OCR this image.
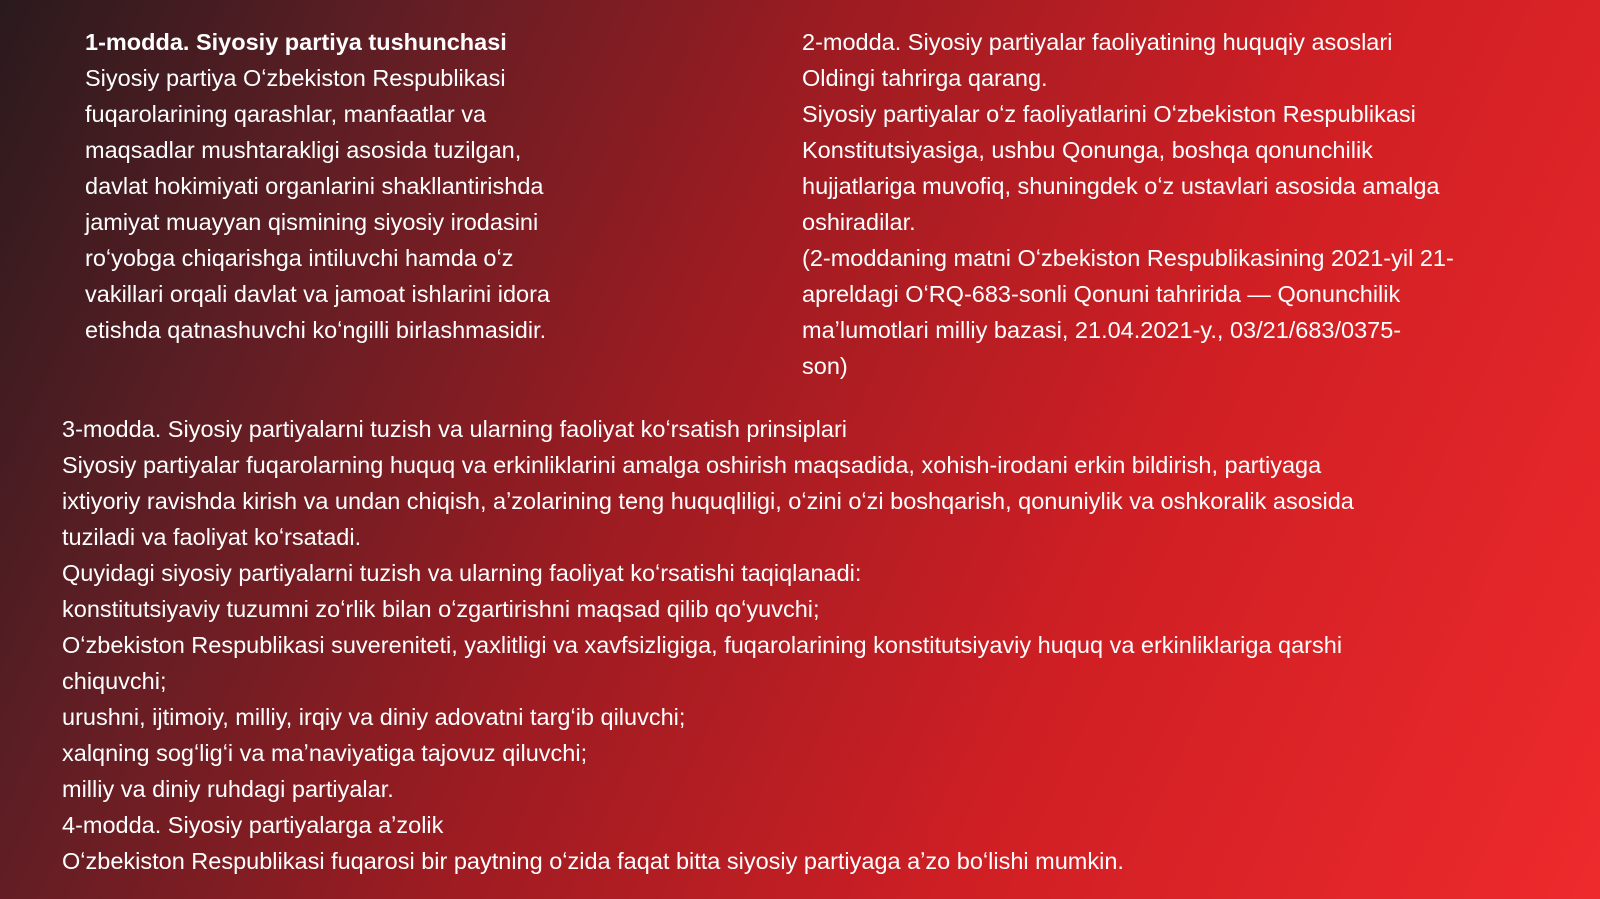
1-modda. Siyosiy partiya tushunchasi

Siyosiy partiya Oʻzbekiston Respublikasi

fuqarolarining qarashlar, manfaatlar va

maqsadlar mushtarakligi asosida tuzilgan,

davlat hokimiyati organlarini shakllantirishda

jamiyat muayyan qismining siyosiy irodasini

roʻyobga chiqarishga intiluvchi hamda oʻz

vakillari orqali davlat va jamoat ishlarini idora

etishda qatnashuvchi koʻngilli birlashmasidir.

2-modda. Siyosiy partiyalar faoliyatining huquqiy asoslari

Oldingi tahrirga qarang.

Siyosiy partiyalar oʻz faoliyatlarini Oʻzbekiston Respublikasi

Konstitutsiyasiga, ushbu Qonunga, boshqa qonunchilik

hujjatlariga muvofiq, shuningdek oʻz ustavlari asosida amalga

oshiradilar.

(2-moddaning matni Oʻzbekiston Respublikasining 2021-yil 21-

apreldagi OʻRQ-683-sonli Qonuni tahririda — Qonunchilik

maʼlumotlari milliy bazasi, 21.04.2021-y., 03/21/683/0375-

son)

3-modda. Siyosiy partiyalarni tuzish va ularning faoliyat koʻrsatish prinsiplari

Siyosiy partiyalar fuqarolarning huquq va erkinliklarini amalga oshirish maqsadida, xohish-irodani erkin bildirish, partiyaga

ixtiyoriy ravishda kirish va undan chiqish, aʼzolarining teng huquqliligi, oʻzini oʻzi boshqarish, qonuniylik va oshkoralik asosida

tuziladi va faoliyat koʻrsatadi.

Quyidagi siyosiy partiyalarni tuzish va ularning faoliyat koʻrsatishi taqiqlanadi:

konstitutsiyaviy tuzumni zoʻrlik bilan oʻzgartirishni maqsad qilib qoʻyuvchi;

Oʻzbekiston Respublikasi suvereniteti, yaxlitligi va xavfsizligiga, fuqarolarining konstitutsiyaviy huquq va erkinliklariga qarshi

chiquvchi;

urushni, ijtimoiy, milliy, irqiy va diniy adovatni targʻib qiluvchi;

xalqning sogʻligʻi va maʼnaviyatiga tajovuz qiluvchi;

milliy va diniy ruhdagi partiyalar.

4-modda. Siyosiy partiyalarga aʼzolik

Oʻzbekiston Respublikasi fuqarosi bir paytning oʻzida faqat bitta siyosiy partiyaga aʼzo boʻlishi mumkin.
